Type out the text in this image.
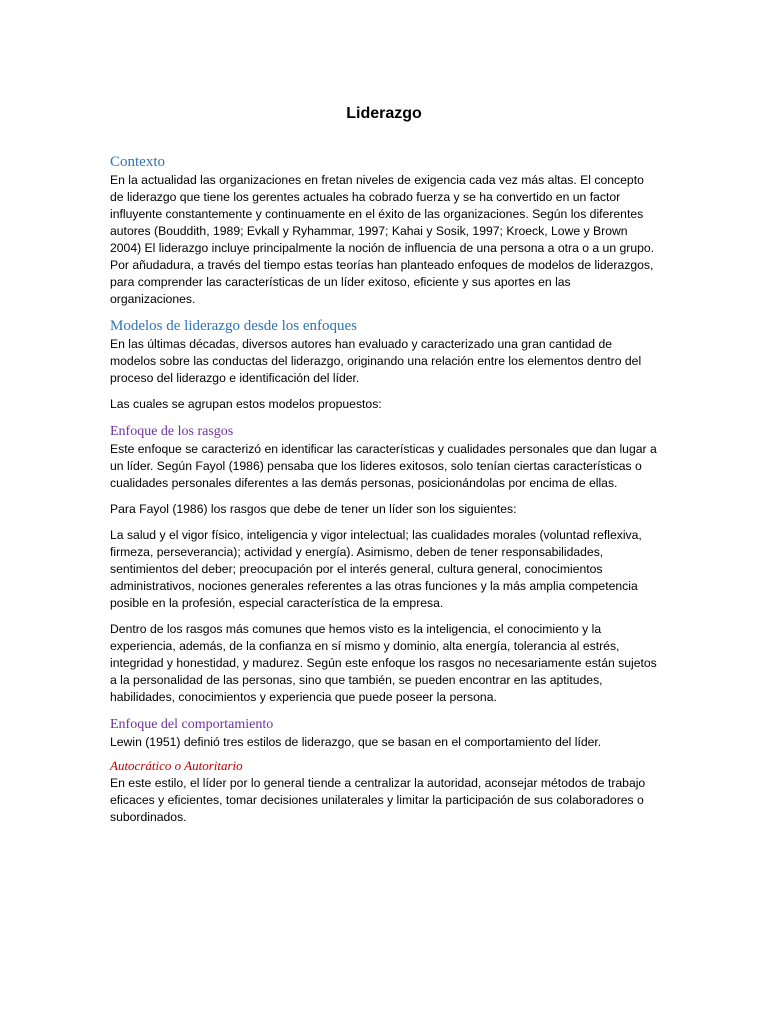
Liderazgo
Contexto

En la actualidad las organizaciones en fretan niveles de exigencia cada vez más altas. El concepto de liderazgo que tiene los gerentes actuales ha cobrado fuerza y se ha convertido en un factor influyente constantemente y continuamente en el éxito de las organizaciones. Según los diferentes autores (Bouddith, 1989; Evkall y Ryhammar, 1997; Kahai y Sosik, 1997; Kroeck, Lowe y Brown 2004) El liderazgo incluye principalmente la noción de influencia de una persona a otra o a un grupo. Por añudadura, a través del tiempo estas teorías han planteado enfoques de modelos de liderazgos, para comprender las características de un líder exitoso, eficiente y sus aportes en las organizaciones.

Modelos de liderazgo desde los enfoques

En las últimas décadas, diversos autores han evaluado y caracterizado una gran cantidad de modelos sobre las conductas del liderazgo, originando una relación entre los elementos dentro del proceso del liderazgo e identificación del líder.

Las cuales se agrupan estos modelos propuestos:

Enfoque de los rasgos

Este enfoque se caracterizó en identificar las características y cualidades personales que dan lugar a un líder. Según Fayol (1986) pensaba que los lideres exitosos, solo tenían ciertas características o cualidades personales diferentes a las demás personas, posicionándolas por encima de ellas.

Para Fayol (1986) los rasgos que debe de tener un líder son los siguientes:

La salud y el vigor físico, inteligencia y vigor intelectual; las cualidades morales (voluntad reflexiva, firmeza, perseverancia); actividad y energía). Asimismo, deben de tener responsabilidades, sentimientos del deber; preocupación por el interés general, cultura general, conocimientos administrativos, nociones generales referentes a las otras funciones y la más amplia competencia posible en la profesión, especial característica de la empresa.

Dentro de los rasgos más comunes que hemos visto es la inteligencia, el conocimiento y la experiencia, además, de la confianza en sí mismo y dominio, alta energía, tolerancia al estrés, integridad y honestidad, y madurez. Según este enfoque los rasgos no necesariamente están sujetos a la personalidad de las personas, sino que también, se pueden encontrar en las aptitudes, habilidades, conocimientos y experiencia que puede poseer la persona.

Enfoque del comportamiento

Lewin (1951) definió tres estilos de liderazgo, que se basan en el comportamiento del líder.

Autocrático o Autoritario

En este estilo, el líder por lo general tiende a centralizar la autoridad, aconsejar métodos de trabajo eficaces y eficientes, tomar decisiones unilaterales y limitar la participación de sus colaboradores o subordinados.
